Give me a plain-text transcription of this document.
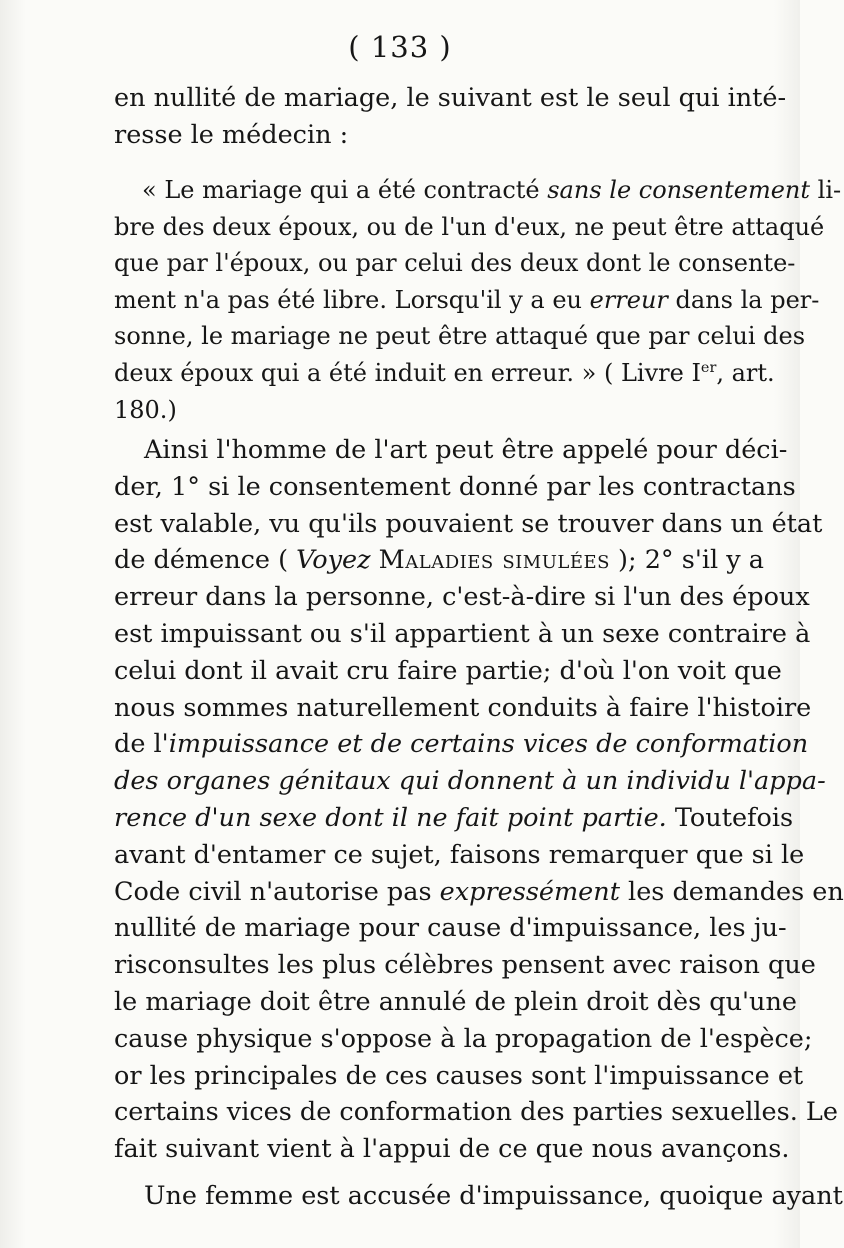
( 133 )
en nullité de mariage, le suivant est le seul qui inté-
resse le médecin :
« Le mariage qui a été contracté sans le consentement li-
bre des deux époux, ou de l'un d'eux, ne peut être attaqué
que par l'époux, ou par celui des deux dont le consente-
ment n'a pas été libre. Lorsqu'il y a eu erreur dans la per-
sonne, le mariage ne peut être attaqué que par celui des
deux époux qui a été induit en erreur. » ( Livre Ier, art.
180.)
Ainsi l'homme de l'art peut être appelé pour déci-
der, 1° si le consentement donné par les contractans
est valable, vu qu'ils pouvaient se trouver dans un état
de démence ( Voyez Maladies simulées ); 2° s'il y a
erreur dans la personne, c'est-à-dire si l'un des époux
est impuissant ou s'il appartient à un sexe contraire à
celui dont il avait cru faire partie; d'où l'on voit que
nous sommes naturellement conduits à faire l'histoire
de l'impuissance et de certains vices de conformation
des organes génitaux qui donnent à un individu l'appa-
rence d'un sexe dont il ne fait point partie. Toutefois
avant d'entamer ce sujet, faisons remarquer que si le
Code civil n'autorise pas expressément les demandes en
nullité de mariage pour cause d'impuissance, les ju-
risconsultes les plus célèbres pensent avec raison que
le mariage doit être annulé de plein droit dès qu'une
cause physique s'oppose à la propagation de l'espèce;
or les principales de ces causes sont l'impuissance et
certains vices de conformation des parties sexuelles. Le
fait suivant vient à l'appui de ce que nous avançons.
Une femme est accusée d'impuissance, quoique ayant
